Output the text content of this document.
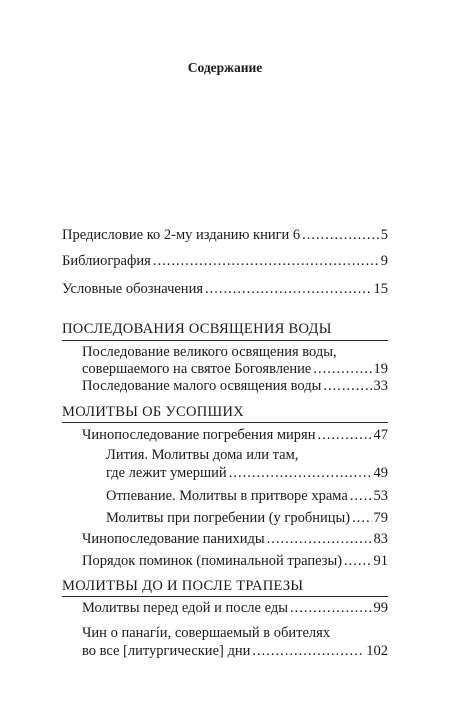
Содержание
Предисловие ко 2-му изданию книги 6 .....	5
Библиография .....	9
Условные обозначения .....	15
ПОСЛЕДОВАНИЯ ОСВЯЩЕНИЯ ВОДЫ
Последование великого освящения воды,
совершаемого на святое Богоявление .....	19
Последование малого освящения воды .....	33
МОЛИТВЫ ОБ УСОПШИХ
Чинопоследование погребения мирян .....	47
Лития. Молитвы дома или там,
где лежит умерший .....	49
Отпевание. Молитвы в притворе храма ..... 53
Молитвы при погребении (у гробницы) ..... 79
Чинопоследование панихиды .....	83
Порядок поминок (поминальной трапезы) ..... 91
МОЛИТВЫ ДО И ПОСЛЕ ТРАПЕЗЫ
Молитвы перед едой и после еды .....	99
Чин о панагíи, совершаемый в обителях
во все [литургические] дни .....	102
